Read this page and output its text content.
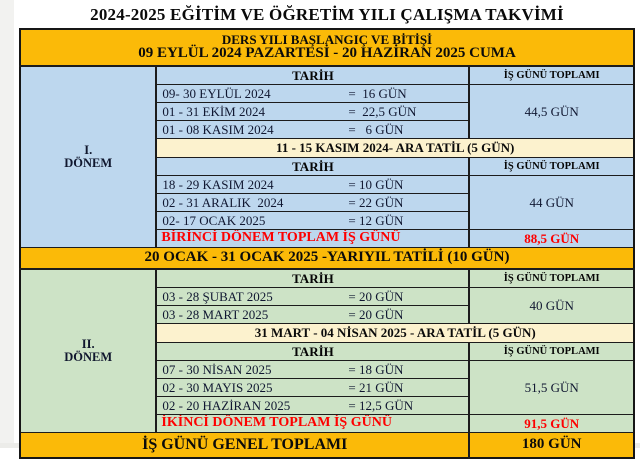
2024-2025 EĞİTİM VE ÖĞRETİM YILI ÇALIŞMA TAKVİMİ
DERS YILI BAŞLANGIÇ VE BİTİŞİ
09 EYLÜL 2024 PAZARTESİ - 20 HAZİRAN 2025 CUMA		

I.
DÖNEM	TARİH	İŞ GÜNÜ TOPLAMI
	09- 30 EYLÜL 2024 =  16 GÜN	44,5 GÜN
	01 - 31 EKİM 2024 =  22,5 GÜN	
	01 - 08 KASIM 2024 =   6 GÜN	
	11 - 15 KASIM 2024- ARA TATİL (5 GÜN)	
	TARİH	İŞ GÜNÜ TOPLAMI
	18 - 29 KASIM 2024 = 10 GÜN	44 GÜN
	02 - 31 ARALIK  2024 = 22 GÜN	
	02- 17 OCAK 2025 = 12 GÜN	
	BİRİNCİ DÖNEM TOPLAM İŞ GÜNÜ	88,5 GÜN
20 OCAK - 31 OCAK 2025 -YARIYIL TATİLİ (10 GÜN)		

II.
DÖNEM	TARİH	İŞ GÜNÜ TOPLAMI
	03 - 28 ŞUBAT 2025 = 20 GÜN	40 GÜN
	03 - 28 MART 2025 = 20 GÜN	
	31 MART - 04 NİSAN 2025 - ARA TATİL (5 GÜN)	
	TARİH	İŞ GÜNÜ TOPLAMI
	07 - 30 NİSAN 2025 = 18 GÜN	51,5 GÜN
	02 - 30 MAYIS 2025 = 21 GÜN	
	02 - 20 HAZİRAN 2025 = 12,5 GÜN	
	İKİNCİ DÖNEM TOPLAM İŞ GÜNÜ	91,5 GÜN
İŞ GÜNÜ GENEL TOPLAMI		180 GÜN
